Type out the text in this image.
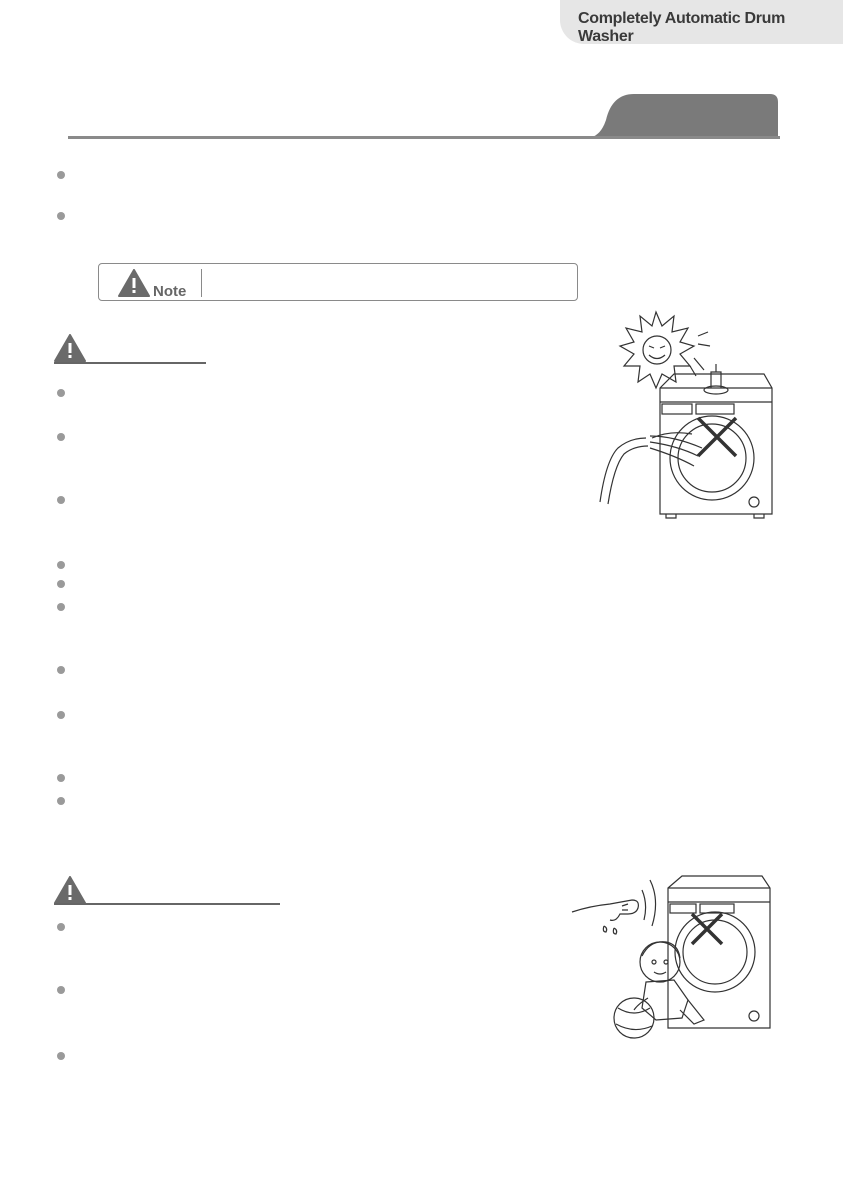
Completely Automatic Drum Washer
Note
